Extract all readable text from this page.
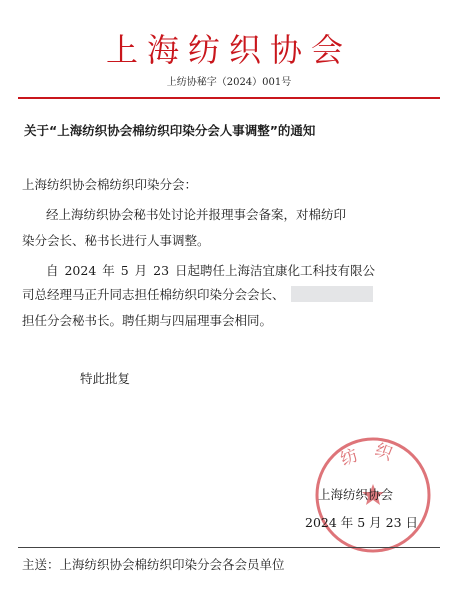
上海纺织协会
上纺协秘字（2024）001号
关于“上海纺织协会棉纺织印染分会人事调整”的通知
上海纺织协会棉纺织印染分会：
经上海纺织协会秘书处讨论并报理事会备案，对棉纺印
染分会长、秘书长进行人事调整。
自 2024 年 5 月 23 日起聘任上海洁宜康化工科技有限公
司总经理马正升同志担任棉纺织印染分会会长、
担任分会秘书长。聘任期与四届理事会相同。
特此批复
纺织
上海纺织协会
2024 年 5 月 23 日
主送：上海纺织协会棉纺织印染分会各会员单位
